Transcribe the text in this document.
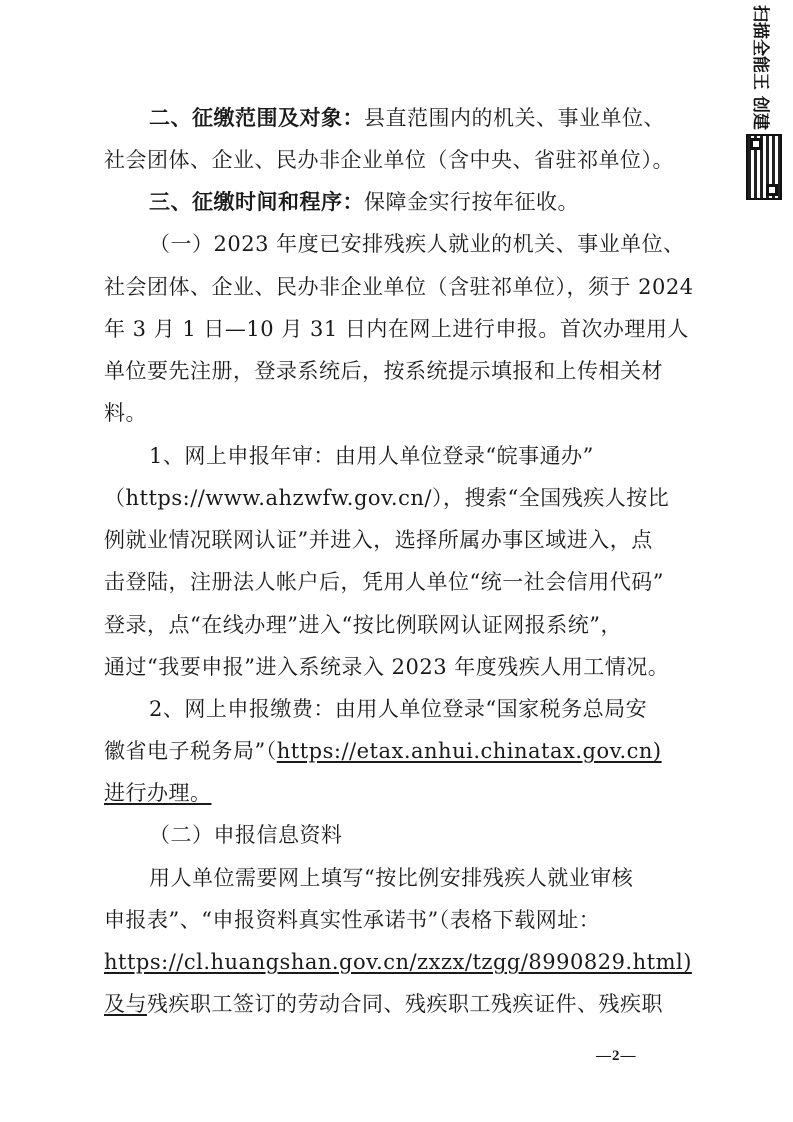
扫描全能王 创建
二、征缴范围及对象：县直范围内的机关、事业单位、
社会团体、企业、民办非企业单位（含中央、省驻祁单位）。
三、征缴时间和程序：保障金实行按年征收。
（一）2023 年度已安排残疾人就业的机关、事业单位、
社会团体、企业、民办非企业单位（含驻祁单位），须于 2024
年 3 月 1 日—10 月 31 日内在网上进行申报。首次办理用人
单位要先注册，登录系统后，按系统提示填报和上传相关材
料。
1、网上申报年审：由用人单位登录“皖事通办”
（https://www.ahzwfw.gov.cn/），搜索“全国残疾人按比
例就业情况联网认证”并进入，选择所属办事区域进入，点
击登陆，注册法人帐户后，凭用人单位“统一社会信用代码”
登录，点“在线办理”进入“按比例联网认证网报系统”，
通过“我要申报”进入系统录入 2023 年度残疾人用工情况。
2、网上申报缴费：由用人单位登录“国家税务总局安
徽省电子税务局”（https://etax.anhui.chinatax.gov.cn)
进行办理。
（二）申报信息资料
用人单位需要网上填写“按比例安排残疾人就业审核
申报表”、“申报资料真实性承诺书”（表格下载网址：
https://cl.huangshan.gov.cn/zxzx/tzgg/8990829.html)
及与残疾职工签订的劳动合同、残疾职工残疾证件、残疾职
—2—
